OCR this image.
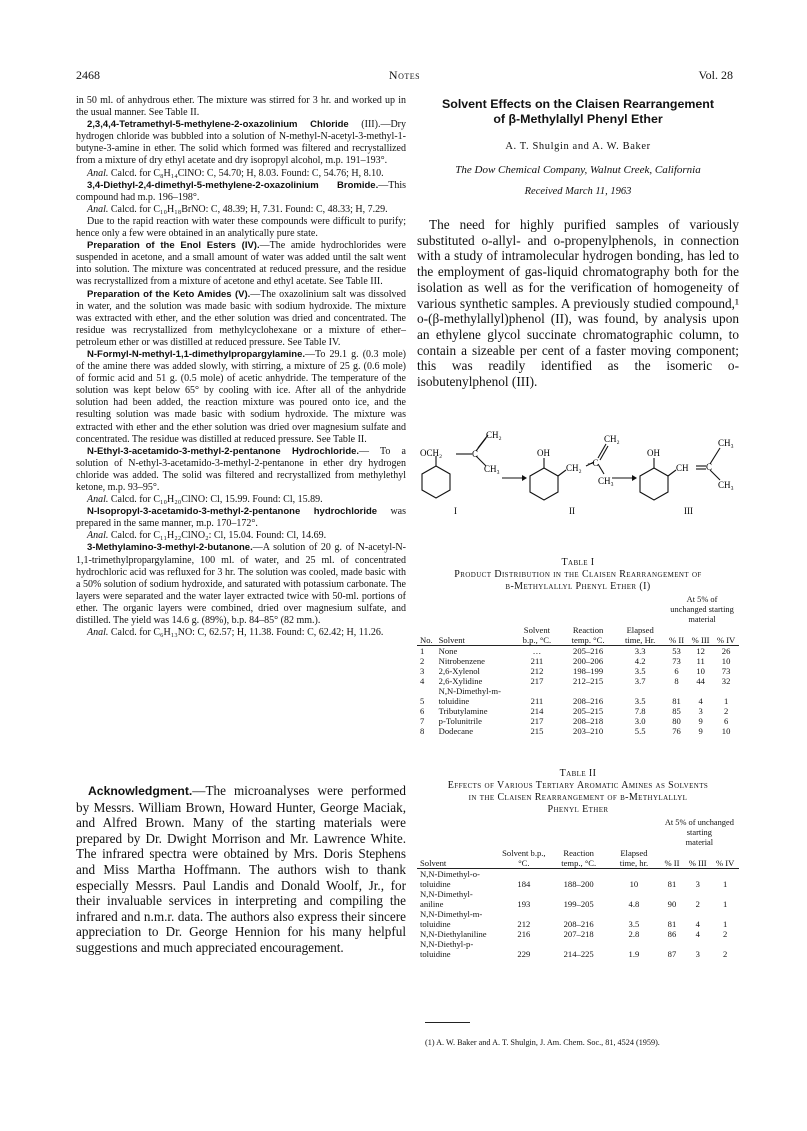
2468	Notes	Vol. 28

in 50 ml. of anhydrous ether. The mixture was stirred for 3 hr. and worked up in the usual manner. See Table II.

2,3,4,4-Tetramethyl-5-methylene-2-oxazolinium Chloride (III).—Dry hydrogen chloride was bubbled into a solution of N-methyl-N-acetyl-3-methyl-1-butyne-3-amine in ether. The solid which formed was filtered and recrystallized from a mixture of dry ethyl acetate and dry isopropyl alcohol, m.p. 191–193°.

Anal. Calcd. for C₈H₁₄ClNO: C, 54.70; H, 8.03. Found: C, 54.76; H, 8.10.

3,4-Diethyl-2,4-dimethyl-5-methylene-2-oxazolinium Bromide.—This compound had m.p. 196–198°.

Anal. Calcd. for C₁₀H₁₈BrNO: C, 48.39; H, 7.31. Found: C, 48.33; H, 7.29.

Due to the rapid reaction with water these compounds were difficult to purify; hence only a few were obtained in an analytically pure state.

Preparation of the Enol Esters (IV).—The amide hydrochlorides were suspended in acetone, and a small amount of water was added until the salt went into solution. The mixture was concentrated at reduced pressure, and the residue was recrystallized from a mixture of acetone and ethyl acetate. See Table III.

Preparation of the Keto Amides (V).—The oxazolinium salt was dissolved in water, and the solution was made basic with sodium hydroxide. The mixture was extracted with ether, and the ether solution was dried and concentrated. The residue was recrystallized from methylcyclohexane or a mixture of ether–petroleum ether or was distilled at reduced pressure. See Table IV.

N-Formyl-N-methyl-1,1-dimethylpropargylamine.—To 29.1 g. (0.3 mole) of the amine there was added slowly, with stirring, a mixture of 25 g. (0.6 mole) of formic acid and 51 g. (0.5 mole) of acetic anhydride. The temperature of the solution was kept below 65° by cooling with ice. After all of the anhydride solution had been added, the reaction mixture was poured onto ice, and the resulting solution was made basic with sodium hydroxide. The mixture was extracted with ether and the ether solution was dried over magnesium sulfate and concentrated. The residue was distilled at reduced pressure. See Table II.

N-Ethyl-3-acetamido-3-methyl-2-pentanone Hydrochloride.— To a solution of N-ethyl-3-acetamido-3-methyl-2-pentanone in ether dry hydrogen chloride was added. The solid was filtered and recrystallized from methylethyl ketone, m.p. 93–95°.

Anal. Calcd. for C₁₀H₂₀ClNO: Cl, 15.99. Found: Cl, 15.89.

N-Isopropyl-3-acetamido-3-methyl-2-pentanone hydrochloride was prepared in the same manner, m.p. 170–172°.

Anal. Calcd. for C₁₁H₂₂ClNO₂: Cl, 15.04. Found: Cl, 14.69.

3-Methylamino-3-methyl-2-butanone.—A solution of 20 g. of N-acetyl-N-1,1-trimethylpropargylamine, 100 ml. of water, and 25 ml. of concentrated hydrochloric acid was refluxed for 3 hr. The solution was cooled, made basic with a 50% solution of sodium hydroxide, and saturated with potassium carbonate. The layers were separated and the water layer extracted twice with 50-ml. portions of ether. The organic layers were combined, dried over magnesium sulfate, and distilled. The yield was 14.6 g. (89%), b.p. 84–85° (82 mm.).

Anal. Calcd. for C₆H₁₃NO: C, 62.57; H, 11.38. Found: C, 62.42; H, 11.26.

Acknowledgment.—The microanalyses were performed by Messrs. William Brown, Howard Hunter, George Maciak, and Alfred Brown. Many of the starting materials were prepared by Dr. Dwight Morrison and Mr. Lawrence White. The infrared spectra were obtained by Mrs. Doris Stephens and Miss Martha Hoffmann. The authors wish to thank especially Messrs. Paul Landis and Donald Woolf, Jr., for their invaluable services in interpreting and compiling the infrared and n.m.r. data. The authors also express their sincere appreciation to Dr. George Hennion for his many helpful suggestions and much appreciated encouragement.

Solvent Effects on the Claisen Rearrangement
of β-Methylallyl Phenyl Ether
A. T. Shulgin and A. W. Baker
The Dow Chemical Company, Walnut Creek, California
Received March 11, 1963

The need for highly purified samples of variously substituted o-allyl- and o-propenylphenols, in connection with a study of intramolecular hydrogen bonding, has led to the employment of gas-liquid chromatography both for the isolation as well as for the verification of homogeneity of various synthetic samples. A previously studied compound,¹ o-(β-methylallyl)phenol (II), was found, by analysis upon an ethylene glycol succinate chromatographic column, to contain a sizeable per cent of a faster moving component; this was readily identified as the isomeric o-isobutenylphenol (III).

OCH₂	C
CH₂
CH₃
OH
CH₂ –C
CH₂
CH₃
OH
CH C
CH₃
CH₃
I	II	III
Table I
Product Distribution in the Claisen Rearrangement of
β-Methylallyl Phenyl Ether (I)
					At 5% of unchanged starting		
					material		
No.	Solvent	Solvent b.p., °C.	Reaction temp. °C.	Elapsed time, Hr.	% II	% III	% IV
1	None	…	205–216	3.3	53	12	26
2	Nitrobenzene	211	200–206	4.2	73	11	10
3	2,6-Xylenol	212	198–199	3.5	6	10	73
4	2,6-Xylidine	217	212–215	3.7	8	44	32
5	N,N-Dimethyl-m-toluidine	211	208–216	3.5	81	4	1
6	Tributylamine	214	205–215	7.8	85	3	2
7	p-Tolunitrile	217	208–218	3.0	80	9	6
8	Dodecane	215	203–210	5.5	76	9	10
Table II
Effects of Various Tertiary Aromatic Amines as Solvents
in the Claisen Rearrangement of β-Methylallyl
Phenyl Ether
				At 5% of unchanged starting		
				material		
Solvent	Solvent b.p., °C.	Reaction temp., °C.	Elapsed time, hr.	% II	% III	% IV
N,N-Dimethyl-o-toluidine	184	188–200	10	81	3	1
N,N-Dimethyl-aniline	193	199–205	4.8	90	2	1
N,N-Dimethyl-m-toluidine	212	208–216	3.5	81	4	1
N,N-Diethylaniline	216	207–218	2.8	86	4	2
N,N-Diethyl-p-toluidine	229	214–225	1.9	87	3	2
(1) A. W. Baker and A. T. Shulgin, J. Am. Chem. Soc., 81, 4524 (1959).
